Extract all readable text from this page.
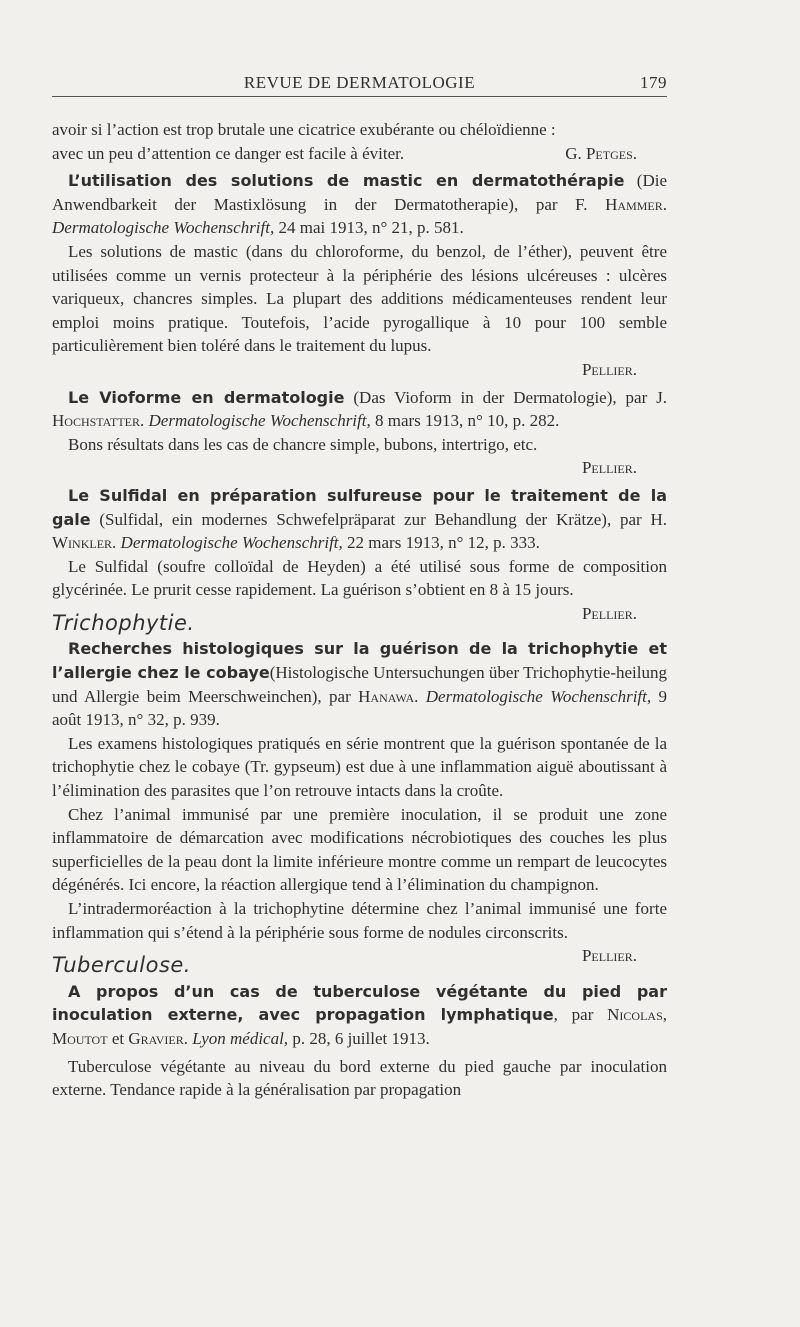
REVUE DE DERMATOLOGIE	179

avoir si l’action est trop brutale une cicatrice exubérante ou chéloïdienne :

avec un peu d’attention ce danger est facile à éviter.	G. Petges.

L’utilisation des solutions de mastic en dermatothérapie (Die Anwendbarkeit der Mastixlösung in der Dermatotherapie), par F. Hammer. Dermatologische Wochenschrift, 24 mai 1913, n° 21, p. 581.

Les solutions de mastic (dans du chloroforme, du benzol, de l’éther), peuvent être utilisées comme un vernis protecteur à la périphérie des lésions ulcéreuses : ulcères variqueux, chancres simples. La plupart des additions médicamenteuses rendent leur emploi moins pratique. Toutefois, l’acide pyrogallique à 10 pour 100 semble particulièrement bien toléré dans le traitement du lupus.

Pellier.

Le Vioforme en dermatologie (Das Vioform in der Dermatologie), par J. Hochstatter. Dermatologische Wochenschrift, 8 mars 1913, n° 10, p. 282.

Bons résultats dans les cas de chancre simple, bubons, intertrigo, etc.

Pellier.

Le Sulfidal en préparation sulfureuse pour le traitement de la gale (Sulfidal, ein modernes Schwefelpräparat zur Behandlung der Krätze), par H. Winkler. Dermatologische Wochenschrift, 22 mars 1913, n° 12, p. 333.

Le Sulfidal (soufre colloïdal de Heyden) a été utilisé sous forme de composition glycérinée. Le prurit cesse rapidement. La guérison s’obtient en 8 à 15 jours.
Pellier.

Trichophytie.

Recherches histologiques sur la guérison de la trichophytie et l’allergie chez le cobaye(Histologische Untersuchungen über Trichophytie-heilung und Allergie beim Meerschweinchen), par Hanawa. Dermatologische Wochenschrift, 9 août 1913, n° 32, p. 939.

Les examens histologiques pratiqués en série montrent que la guérison spontanée de la trichophytie chez le cobaye (Tr. gypseum) est due à une inflammation aiguë aboutissant à l’élimination des parasites que l’on retrouve intacts dans la croûte.

Chez l’animal immunisé par une première inoculation, il se produit une zone inflammatoire de démarcation avec modifications nécrobiotiques des couches les plus superficielles de la peau dont la limite inférieure montre comme un rempart de leucocytes dégénérés. Ici encore, la réaction allergique tend à l’élimination du champignon.

L’intradermoréaction à la trichophytine détermine chez l’animal immunisé une forte inflammation qui s’étend à la périphérie sous forme de nodules circonscrits.
Pellier.

Tuberculose.

A propos d’un cas de tuberculose végétante du pied par inoculation externe, avec propagation lymphatique, par Nicolas, Moutot et Gravier. Lyon médical, p. 28, 6 juillet 1913.

Tuberculose végétante au niveau du bord externe du pied gauche par inoculation externe. Tendance rapide à la généralisation par propagation
